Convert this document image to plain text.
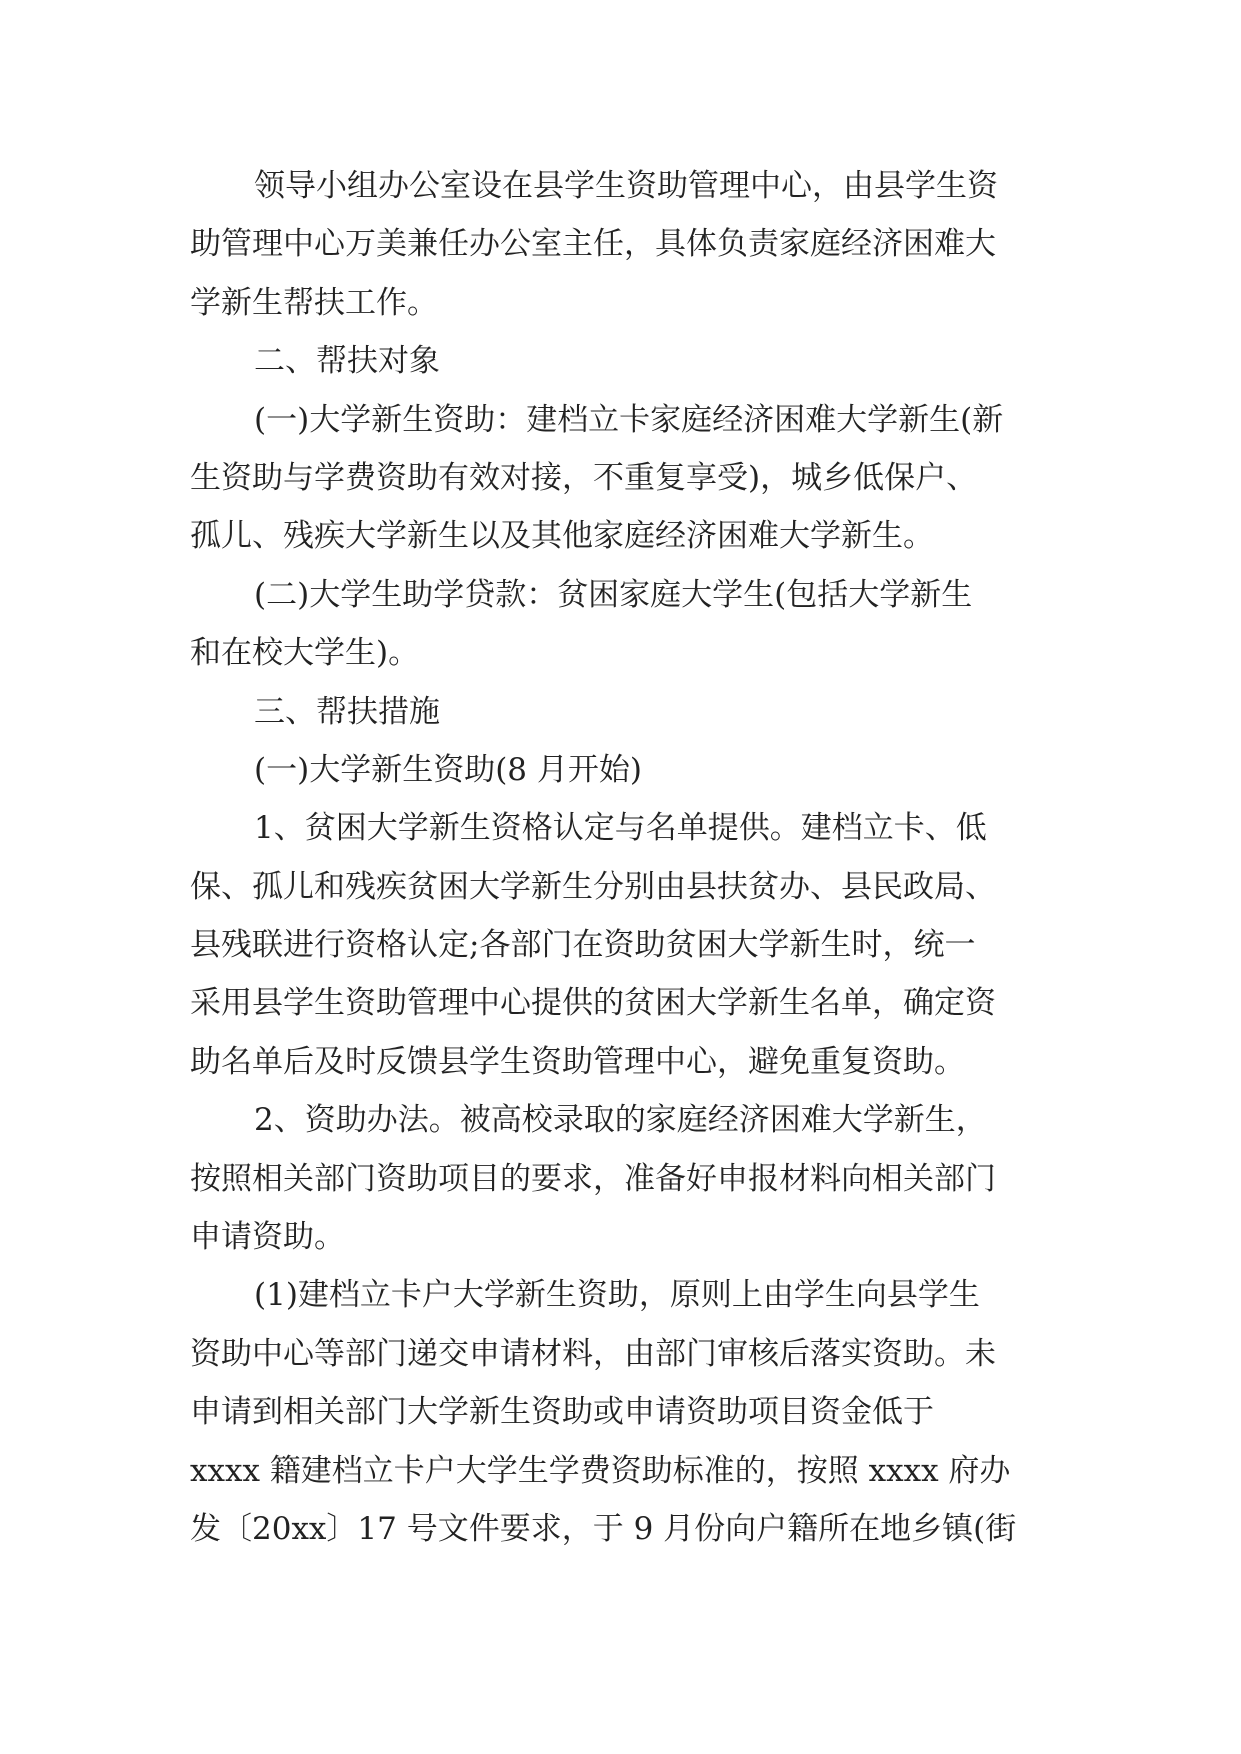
领导小组办公室设在县学生资助管理中心，由县学生资
助管理中心万美兼任办公室主任，具体负责家庭经济困难大
学新生帮扶工作。
二、帮扶对象
(一)大学新生资助：建档立卡家庭经济困难大学新生(新
生资助与学费资助有效对接，不重复享受)，城乡低保户、
孤儿、残疾大学新生以及其他家庭经济困难大学新生。
(二)大学生助学贷款：贫困家庭大学生(包括大学新生
和在校大学生)。
三、帮扶措施
(一)大学新生资助(8 月开始)
1、贫困大学新生资格认定与名单提供。建档立卡、低
保、孤儿和残疾贫困大学新生分别由县扶贫办、县民政局、
县残联进行资格认定;各部门在资助贫困大学新生时，统一
采用县学生资助管理中心提供的贫困大学新生名单，确定资
助名单后及时反馈县学生资助管理中心，避免重复资助。
2、资助办法。被高校录取的家庭经济困难大学新生，
按照相关部门资助项目的要求，准备好申报材料向相关部门
申请资助。
(1)建档立卡户大学新生资助，原则上由学生向县学生
资助中心等部门递交申请材料，由部门审核后落实资助。未
申请到相关部门大学新生资助或申请资助项目资金低于
xxxx 籍建档立卡户大学生学费资助标准的，按照 xxxx 府办
发〔20xx〕17 号文件要求，于 9 月份向户籍所在地乡镇(街
